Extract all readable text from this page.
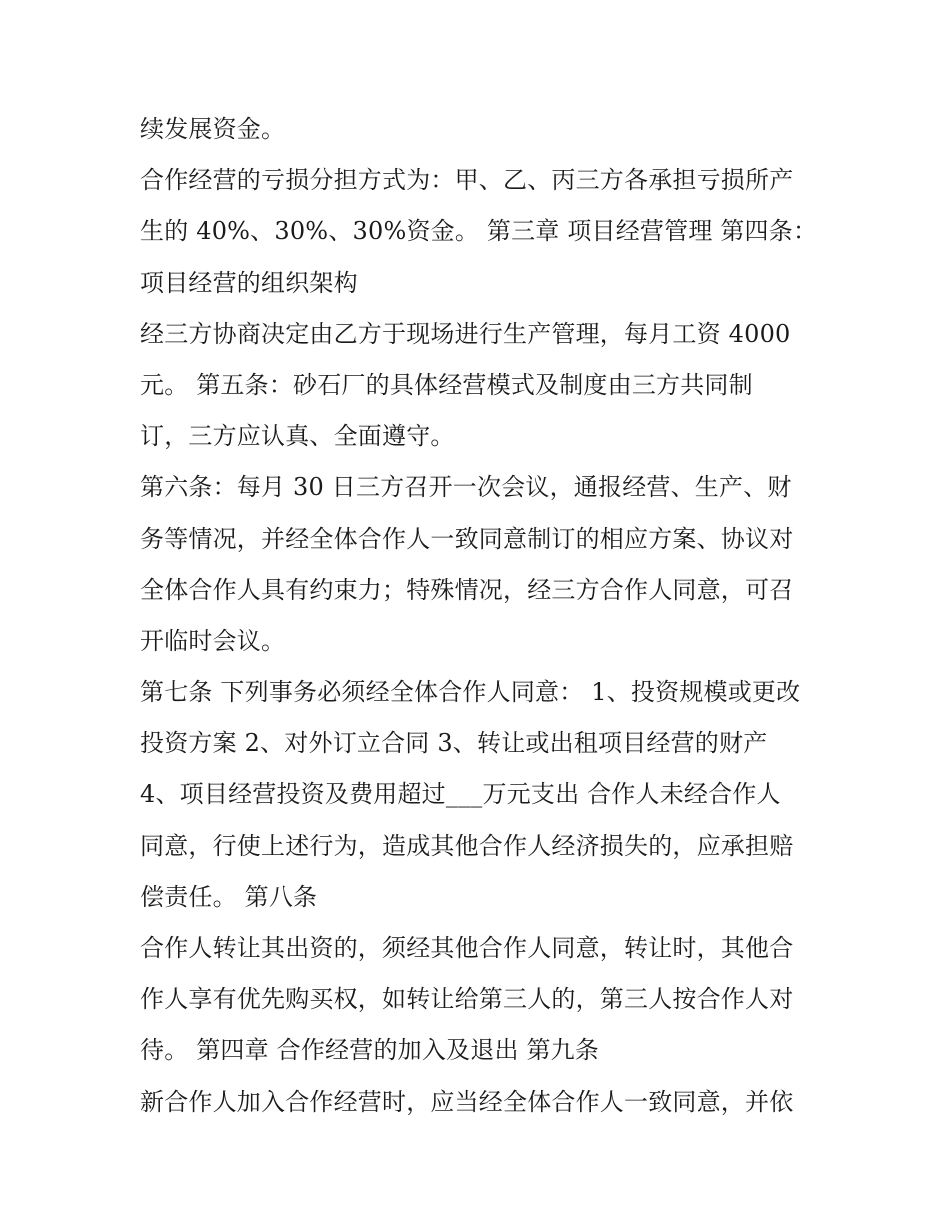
续发展资金。
合作经营的亏损分担方式为：甲、乙、丙三方各承担亏损所产
生的 40%、30%、30%资金。 第三章 项目经营管理 第四条：
项目经营的组织架构
经三方协商决定由乙方于现场进行生产管理，每月工资 4000
元。 第五条：砂石厂的具体经营模式及制度由三方共同制
订，三方应认真、全面遵守。
第六条：每月 30 日三方召开一次会议，通报经营、生产、财
务等情况，并经全体合作人一致同意制订的相应方案、协议对
全体合作人具有约束力；特殊情况，经三方合作人同意，可召
开临时会议。
第七条 下列事务必须经全体合作人同意： 1、投资规模或更改
投资方案 2、对外订立合同 3、转让或出租项目经营的财产
4、项目经营投资及费用超过___万元支出 合作人未经合作人
同意，行使上述行为，造成其他合作人经济损失的，应承担赔
偿责任。 第八条
合作人转让其出资的，须经其他合作人同意，转让时，其他合
作人享有优先购买权，如转让给第三人的，第三人按合作人对
待。 第四章 合作经营的加入及退出 第九条
新合作人加入合作经营时，应当经全体合作人一致同意，并依
